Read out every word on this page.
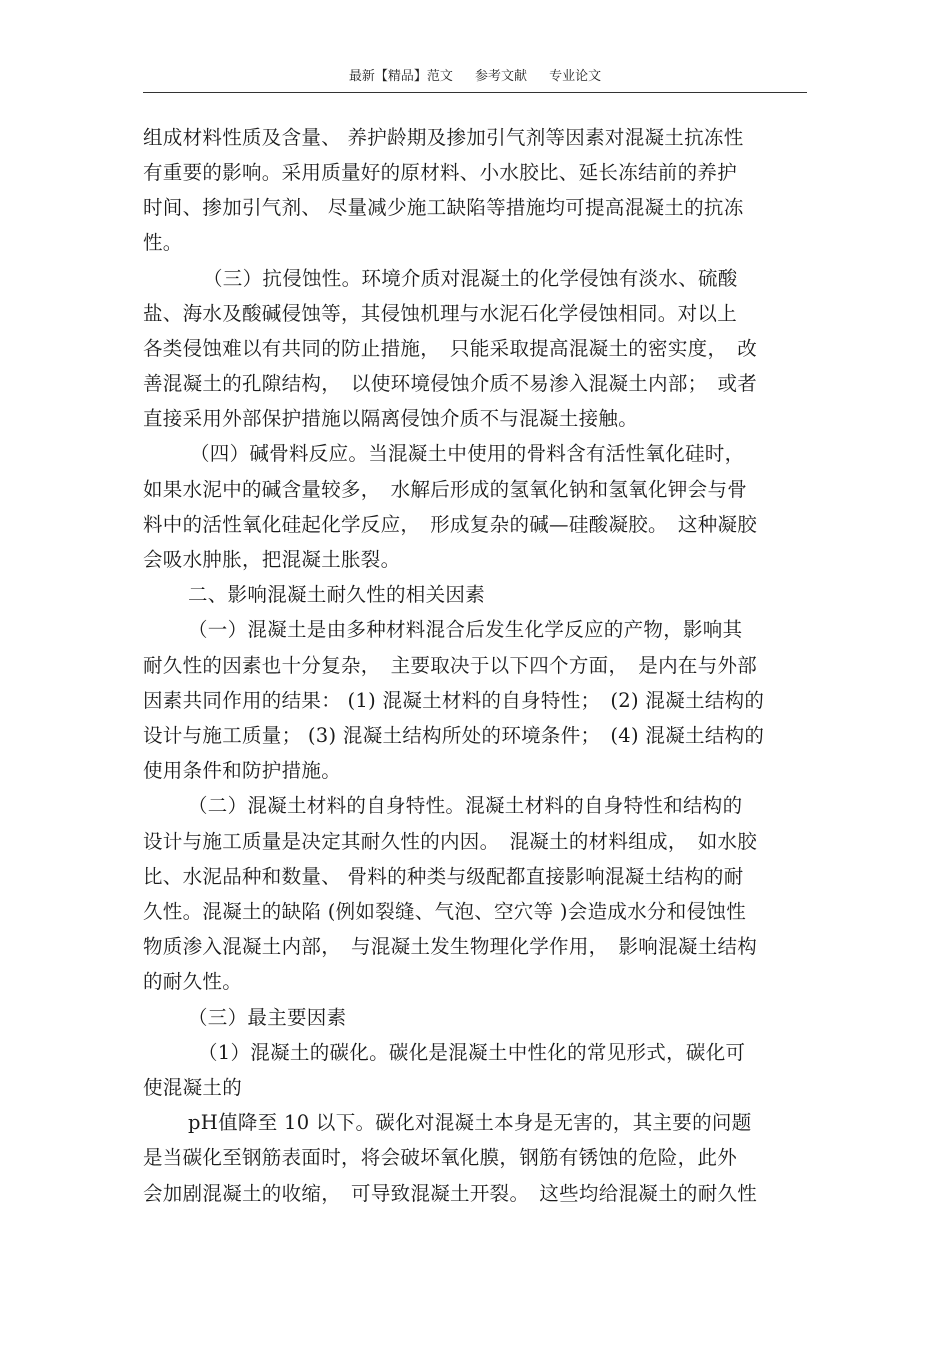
最新【精品】范文 参考文献 专业论文
组成材料性质及含量、 养护龄期及掺加引气剂等因素对混凝土抗冻性
有重要的影响。采用质量好的原材料、小水胶比、延长冻结前的养护
时间、掺加引气剂、 尽量减少施工缺陷等措施均可提高混凝土的抗冻
性。
（三）抗侵蚀性。环境介质对混凝土的化学侵蚀有淡水、硫酸
盐、海水及酸碱侵蚀等，其侵蚀机理与水泥石化学侵蚀相同。对以上
各类侵蚀难以有共同的防止措施，　只能采取提高混凝土的密实度，　改
善混凝土的孔隙结构，　以使环境侵蚀介质不易渗入混凝土内部；　或者
直接采用外部保护措施以隔离侵蚀介质不与混凝土接触。
（四）碱骨料反应。当混凝土中使用的骨料含有活性氧化硅时，
如果水泥中的碱含量较多，　水解后形成的氢氧化钠和氢氧化钾会与骨
料中的活性氧化硅起化学反应，　形成复杂的碱—硅酸凝胶。　这种凝胶
会吸水肿胀，把混凝土胀裂。
二、影响混凝土耐久性的相关因素
（一）混凝土是由多种材料混合后发生化学反应的产物，影响其
耐久性的因素也十分复杂，　主要取决于以下四个方面，　是内在与外部
因素共同作用的结果： (1) 混凝土材料的自身特性；　(2) 混凝土结构的
设计与施工质量； (3) 混凝土结构所处的环境条件；　(4) 混凝土结构的
使用条件和防护措施。
（二）混凝土材料的自身特性。混凝土材料的自身特性和结构的
设计与施工质量是决定其耐久性的内因。　混凝土的材料组成，　如水胶
比、水泥品种和数量、 骨料的种类与级配都直接影响混凝土结构的耐
久性。混凝土的缺陷 (例如裂缝、气泡、空穴等 )会造成水分和侵蚀性
物质渗入混凝土内部，　与混凝土发生物理化学作用，　影响混凝土结构
的耐久性。
（三）最主要因素
（1）混凝土的碳化。碳化是混凝土中性化的常见形式，碳化可
使混凝土的
pH值降至 10 以下。碳化对混凝土本身是无害的，其主要的问题
是当碳化至钢筋表面时，将会破坏氧化膜，钢筋有锈蚀的危险，此外
会加剧混凝土的收缩，　可导致混凝土开裂。　这些均给混凝土的耐久性
